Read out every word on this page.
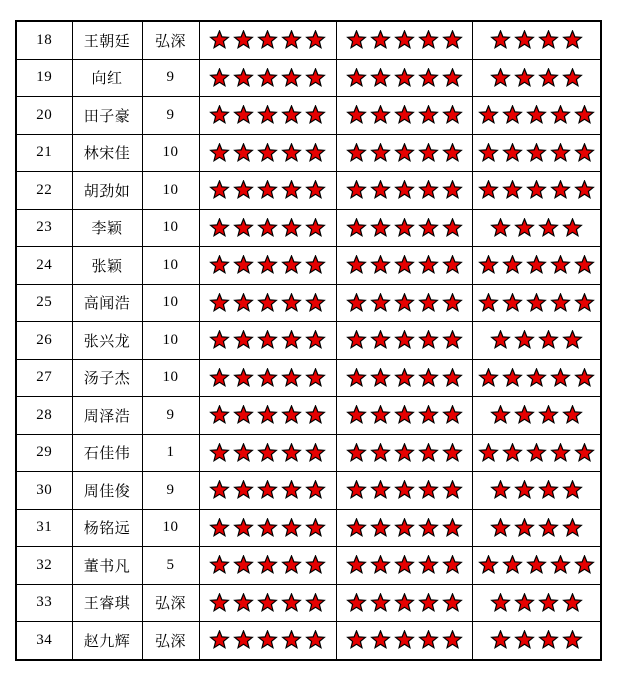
18	王朝廷	弘深	

19	向红	9	

20	田子豪	9	

21	林宋佳	10	

22	胡劲如	10	

23	李颖	10	

24	张颖	10	

25	高闻浩	10	

26	张兴龙	10	

27	汤子杰	10	

28	周泽浩	9	

29	石佳伟	1	

30	周佳俊	9	

31	杨铭远	10	

32	董书凡	5	

33	王睿琪	弘深	

34	赵九辉	弘深	
